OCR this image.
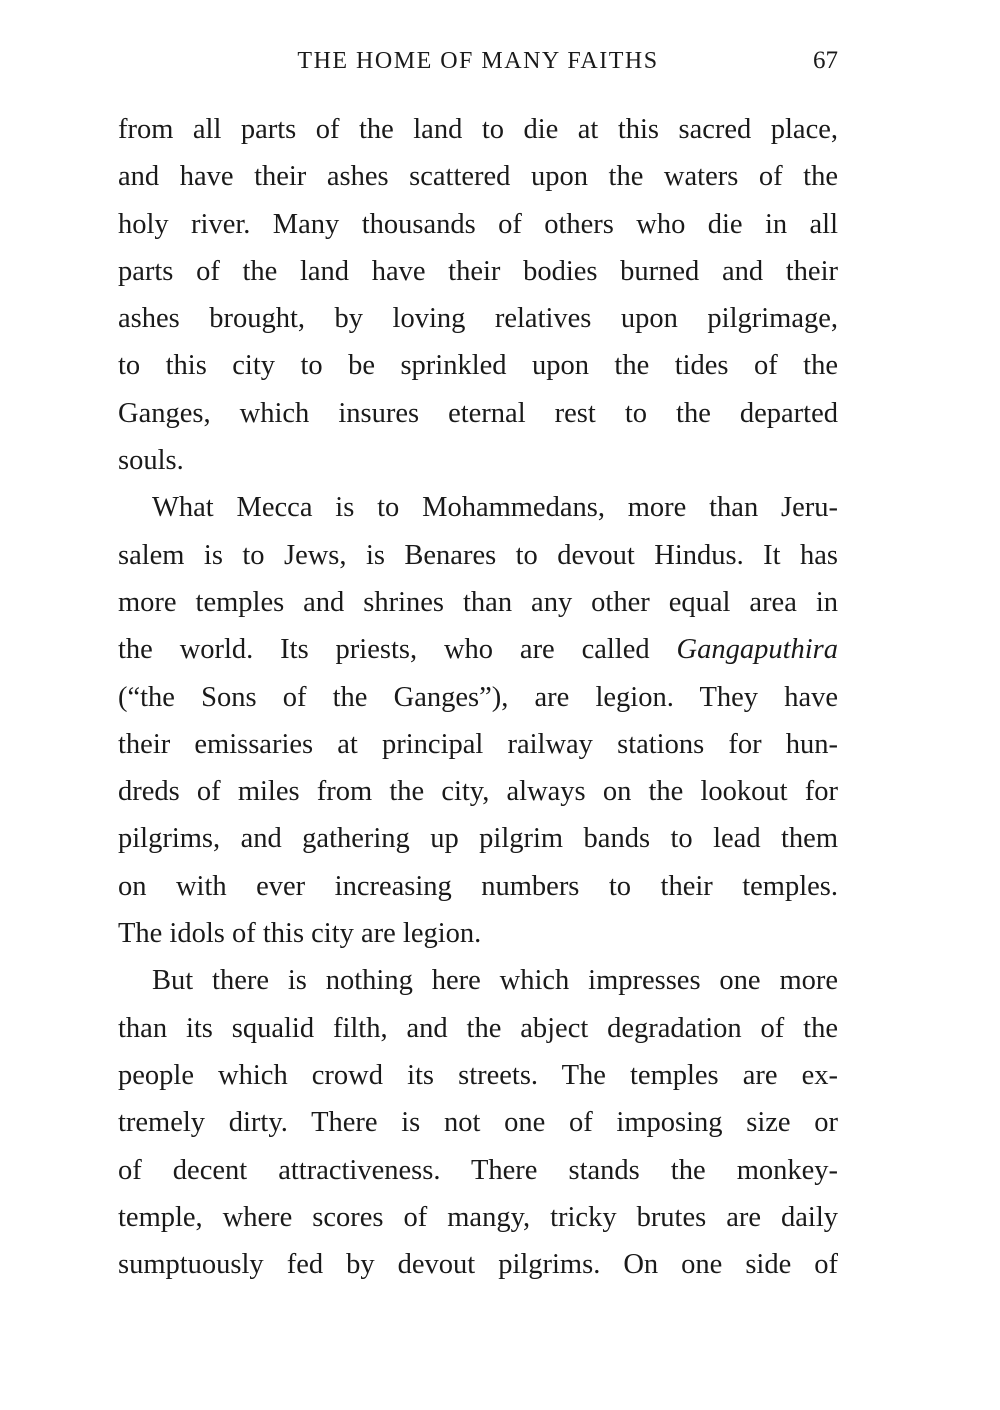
THE HOME OF MANY FAITHS	67
from all parts of the land to die at this sacred place,
and have their ashes scattered upon the waters of the
holy river. Many thousands of others who die in all
parts of the land have their bodies burned and their
ashes brought, by loving relatives upon pilgrimage,
to this city to be sprinkled upon the tides of the
Ganges, which insures eternal rest to the departed
souls.
What Mecca is to Mohammedans, more than Jeru-
salem is to Jews, is Benares to devout Hindus. It has
more temples and shrines than any other equal area in
the world. Its priests, who are called Gangaputhira
(“the Sons of the Ganges”), are legion. They have
their emissaries at principal railway stations for hun-
dreds of miles from the city, always on the lookout for
pilgrims, and gathering up pilgrim bands to lead them
on with ever increasing numbers to their temples.
The idols of this city are legion.
But there is nothing here which impresses one more
than its squalid filth, and the abject degradation of the
people which crowd its streets. The temples are ex-
tremely dirty. There is not one of imposing size or
of decent attractiveness. There stands the monkey-
temple, where scores of mangy, tricky brutes are daily
sumptuously fed by devout pilgrims. On one side of
